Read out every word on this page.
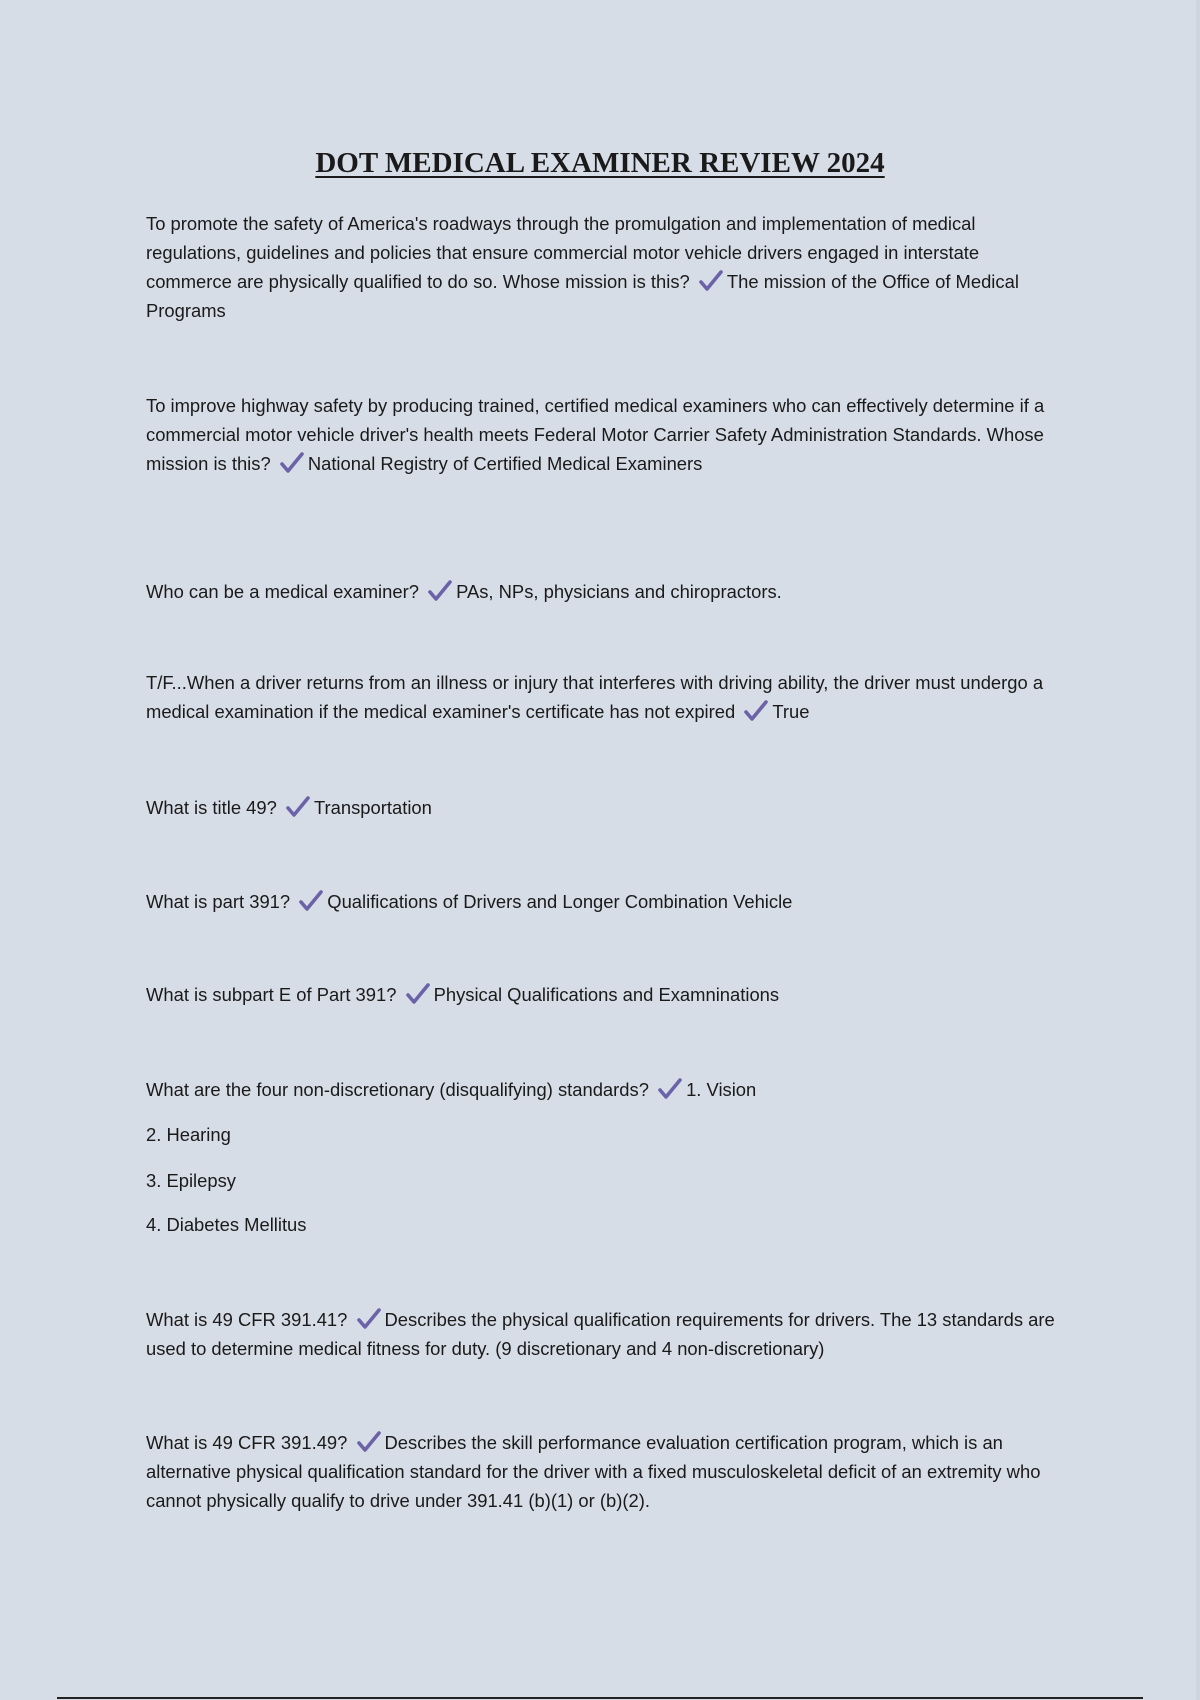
DOT MEDICAL EXAMINER REVIEW 2024

To promote the safety of America's roadways through the promulgation and implementation of medical regulations, guidelines and policies that ensure commercial motor vehicle drivers engaged in interstate commerce are physically qualified to do so. Whose mission is this? The mission of the Office of Medical Programs

To improve highway safety by producing trained, certified medical examiners who can effectively determine if a commercial motor vehicle driver's health meets Federal Motor Carrier Safety Administration Standards. Whose mission is this? National Registry of Certified Medical Examiners

Who can be a medical examiner? PAs, NPs, physicians and chiropractors.

T/F...When a driver returns from an illness or injury that interferes with driving ability, the driver must undergo a medical examination if the medical examiner's certificate has not expired True

What is title 49? Transportation

What is part 391? Qualifications of Drivers and Longer Combination Vehicle

What is subpart E of Part 391? Physical Qualifications and Examninations

What are the four non-discretionary (disqualifying) standards? 1. Vision

2. Hearing

3. Epilepsy

4. Diabetes Mellitus

What is 49 CFR 391.41? Describes the physical qualification requirements for drivers. The 13 standards are used to determine medical fitness for duty. (9 discretionary and 4 non-discretionary)

What is 49 CFR 391.49? Describes the skill performance evaluation certification program, which is an alternative physical qualification standard for the driver with a fixed musculoskeletal deficit of an extremity who cannot physically qualify to drive under 391.41 (b)(1) or (b)(2).
